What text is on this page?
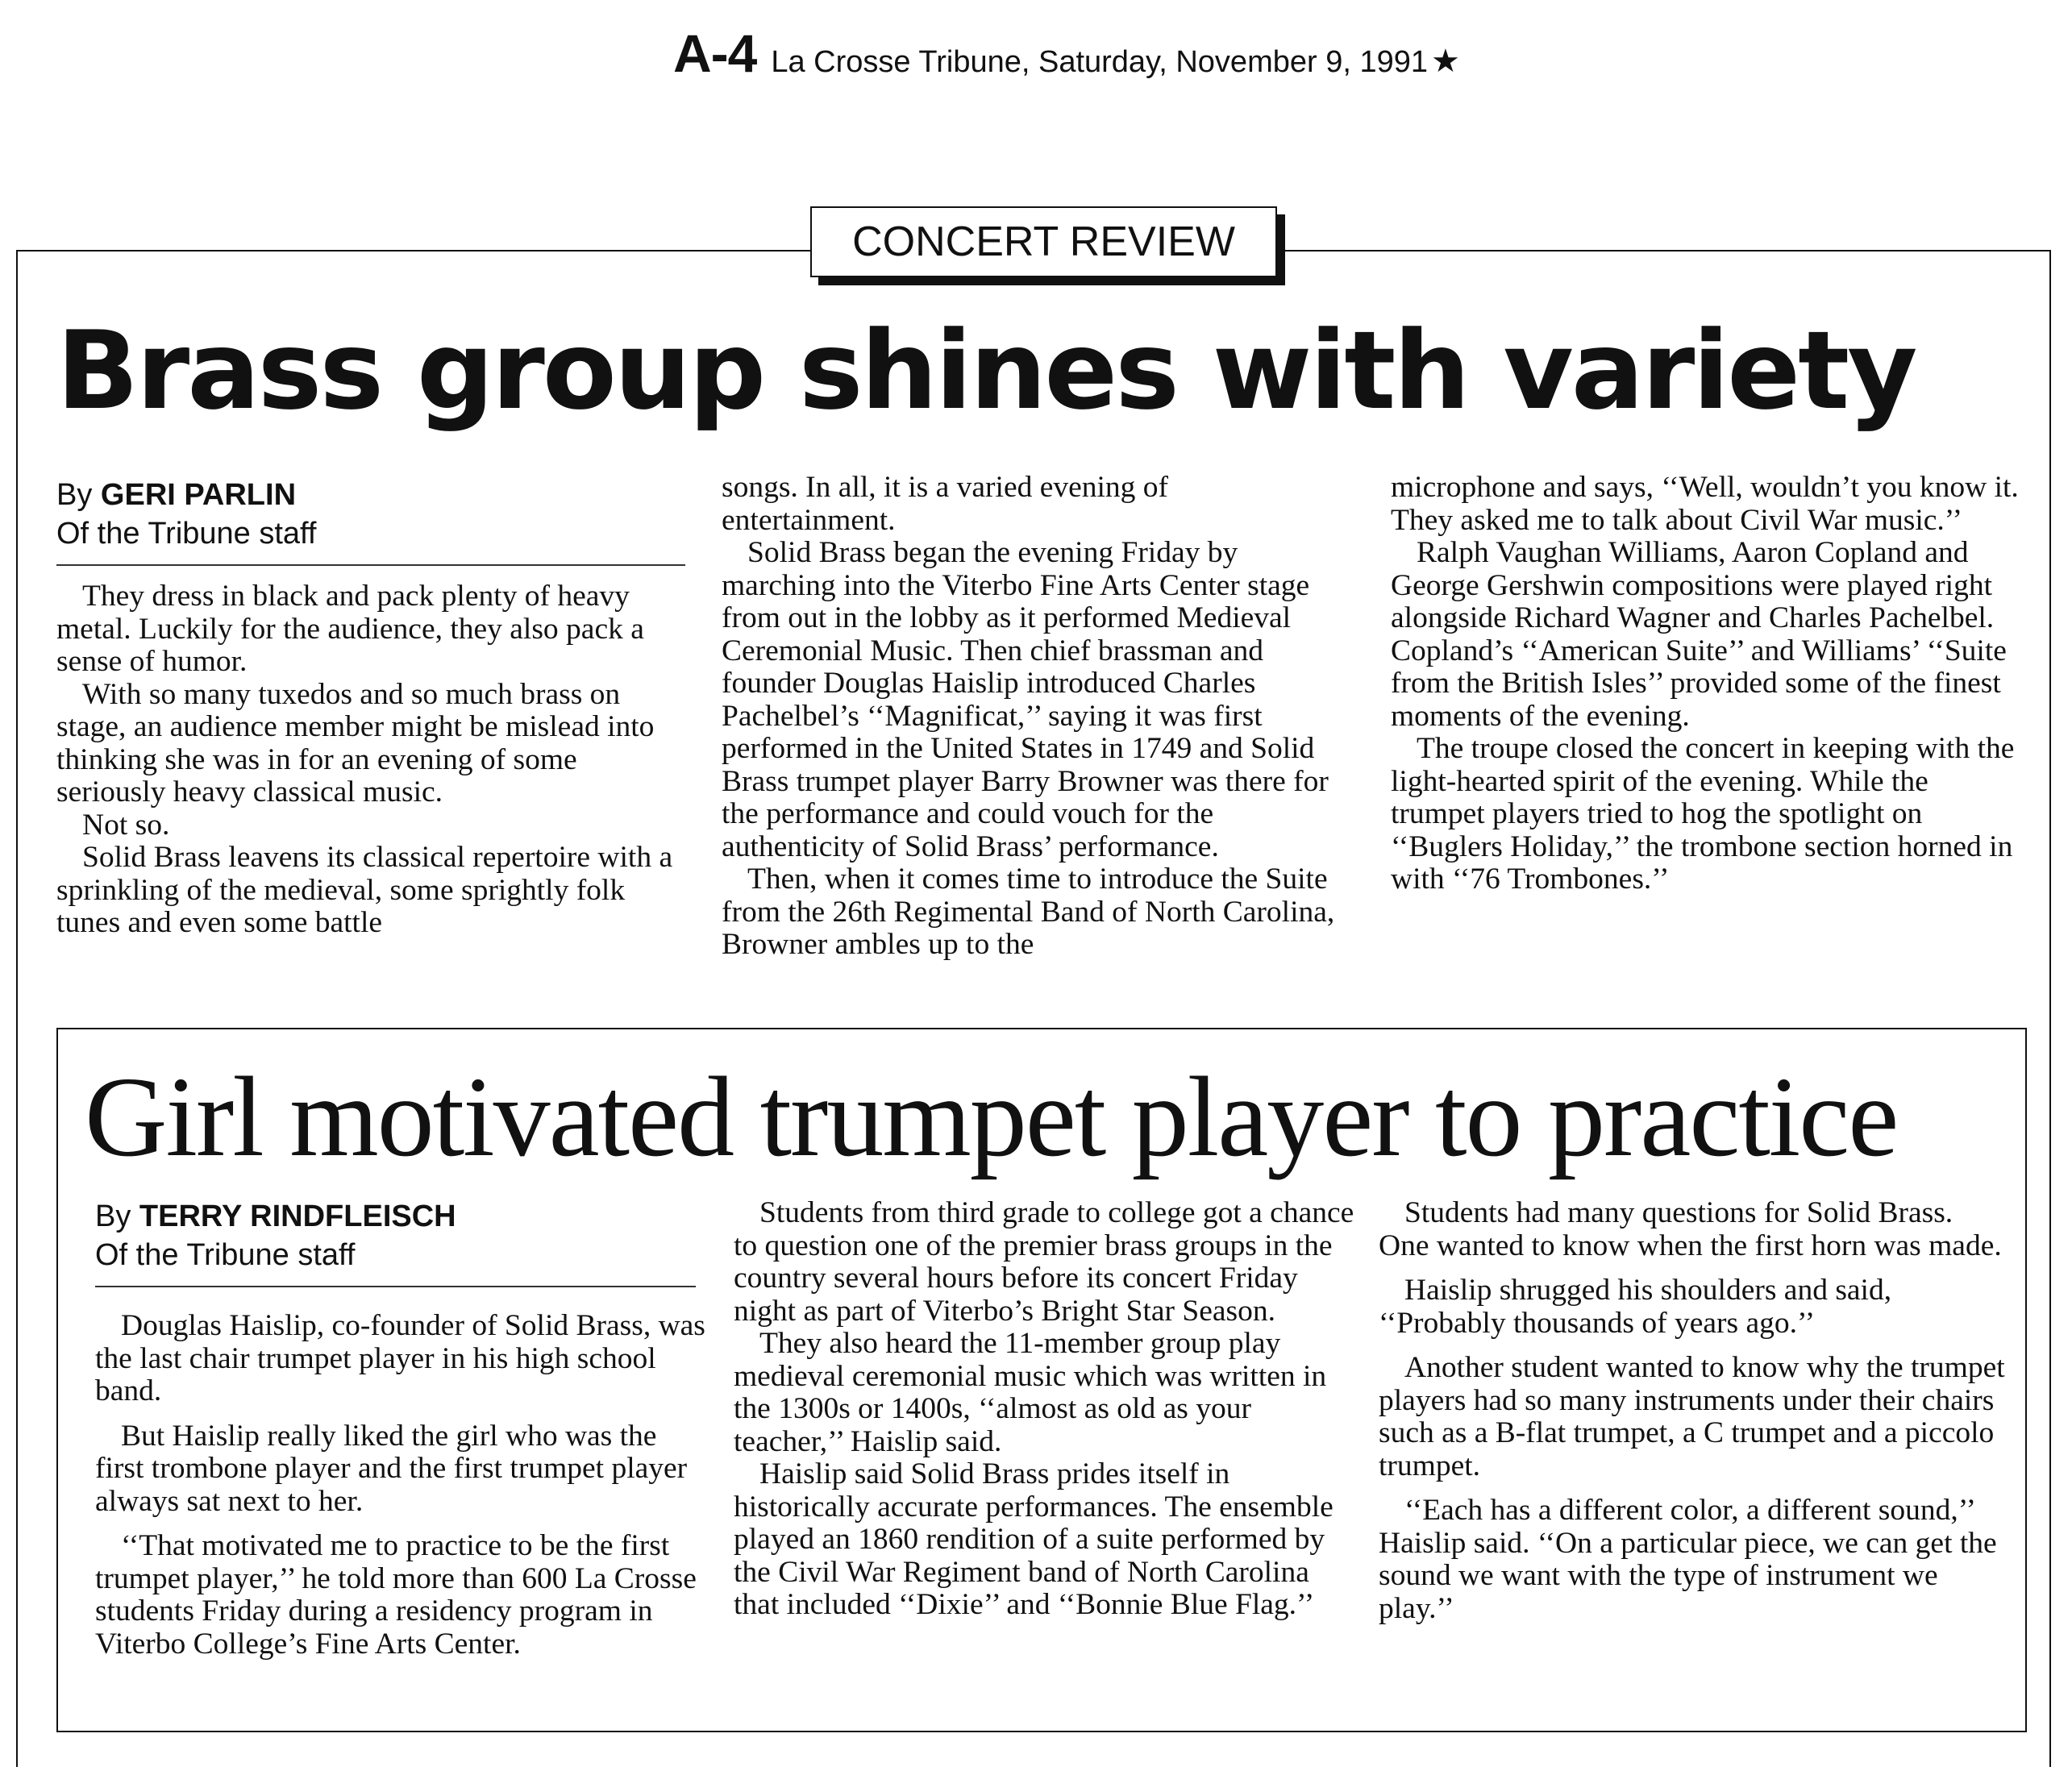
A-4 La Crosse Tribune, Saturday, November 9, 1991 ★
CONCERT REVIEW
Brass group shines with variety
By GERI PARLIN
Of the Tribune staff

They dress in black and pack plenty of heavy metal. Luckily for the audience, they also pack a sense of humor.

With so many tuxedos and so much brass on stage, an audience member might be mislead into thinking she was in for an evening of some seriously heavy classical music.

Not so.

Solid Brass leavens its classical repertoire with a sprinkling of the medieval, some sprightly folk tunes and even some battle

songs. In all, it is a varied evening of entertainment.

Solid Brass began the evening Friday by marching into the Viterbo Fine Arts Center stage from out in the lobby as it performed Medieval Ceremonial Music. Then chief brassman and founder Douglas Haislip introduced Charles Pachelbel’s ‘‘Magnificat,’’ saying it was first performed in the United States in 1749 and Solid Brass trumpet player Barry Browner was there for the performance and could vouch for the authenticity of Solid Brass’ performance.

Then, when it comes time to introduce the Suite from the 26th Regimental Band of North Carolina, Browner ambles up to the

microphone and says, ‘‘Well, wouldn’t you know it. They asked me to talk about Civil War music.’’

Ralph Vaughan Williams, Aaron Copland and George Gershwin compositions were played right alongside Richard Wagner and Charles Pachelbel. Copland’s ‘‘American Suite’’ and Williams’ ‘‘Suite from the British Isles’’ provided some of the finest moments of the evening.

The troupe closed the concert in keeping with the light-hearted spirit of the evening. While the trumpet players tried to hog the spotlight on ‘‘Buglers Holiday,’’ the trombone section horned in with ‘‘76 Trombones.’’

Girl motivated trumpet player to practice
By TERRY RINDFLEISCH
Of the Tribune staff

Douglas Haislip, co-founder of Solid Brass, was the last chair trumpet player in his high school band.

But Haislip really liked the girl who was the first trombone player and the first trumpet player always sat next to her.

‘‘That motivated me to practice to be the first trumpet player,’’ he told more than 600 La Crosse students Friday during a residency program in Viterbo College’s Fine Arts Center.

Students from third grade to college got a chance to question one of the premier brass groups in the country several hours before its concert Friday night as part of Viterbo’s Bright Star Season.

They also heard the 11-member group play medieval ceremonial music which was written in the 1300s or 1400s, ‘‘almost as old as your teacher,’’ Haislip said.

Haislip said Solid Brass prides itself in historically accurate performances. The ensemble played an 1860 rendition of a suite performed by the Civil War Regiment band of North Carolina that included ‘‘Dixie’’ and ‘‘Bonnie Blue Flag.’’

Students had many questions for Solid Brass. One wanted to know when the first horn was made.

Haislip shrugged his shoulders and said, ‘‘Probably thousands of years ago.’’

Another student wanted to know why the trumpet players had so many instruments under their chairs such as a B-flat trumpet, a C trumpet and a piccolo trumpet.

‘‘Each has a different color, a different sound,’’ Haislip said. ‘‘On a particular piece, we can get the sound we want with the type of instrument we play.’’
